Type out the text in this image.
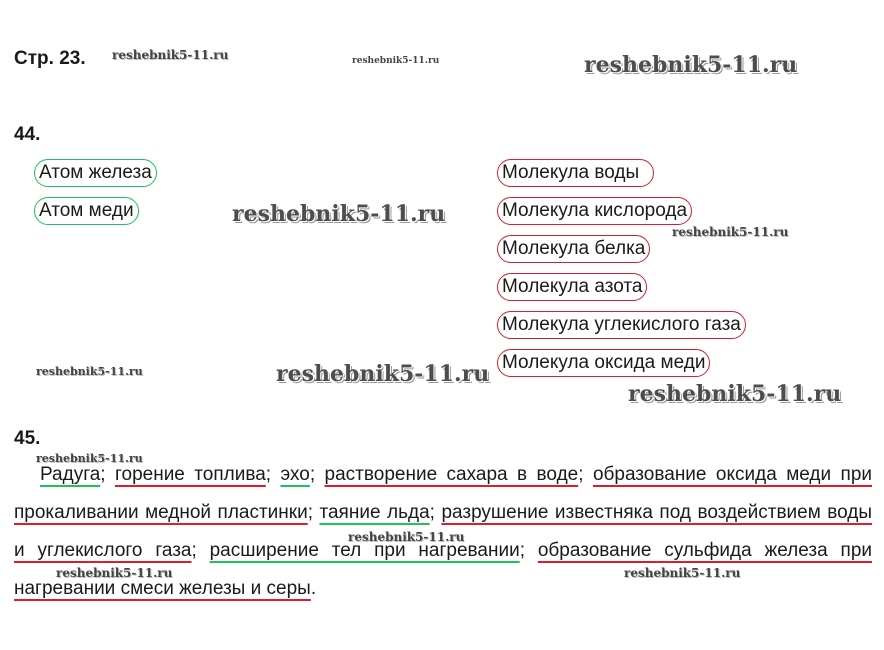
Стр. 23.
44.
Атом железа
Атом меди
Молекула воды
Молекула кислорода
Молекула белка
Молекула азота
Молекула углекислого газа
Молекула оксида меди
45.
Радуга; горение топлива; эхо; растворение сахара в воде; образование оксида меди при прокаливании медной пластинки; таяние льда; разрушение известняка под воздействием воды и углекислого газа; расширение тел при нагревании; образование сульфида железа при нагревании смеси железы и серы.
reshebnik5-11.ru	reshebnik5-11.ru	reshebnik5-11.ru
reshebnik5-11.ru
reshebnik5-11.ru
reshebnik5-11.ru	reshebnik5-11.ru
reshebnik5-11.ru
reshebnik5-11.ru
reshebnik5-11.ru
reshebnik5-11.ru	reshebnik5-11.ru
